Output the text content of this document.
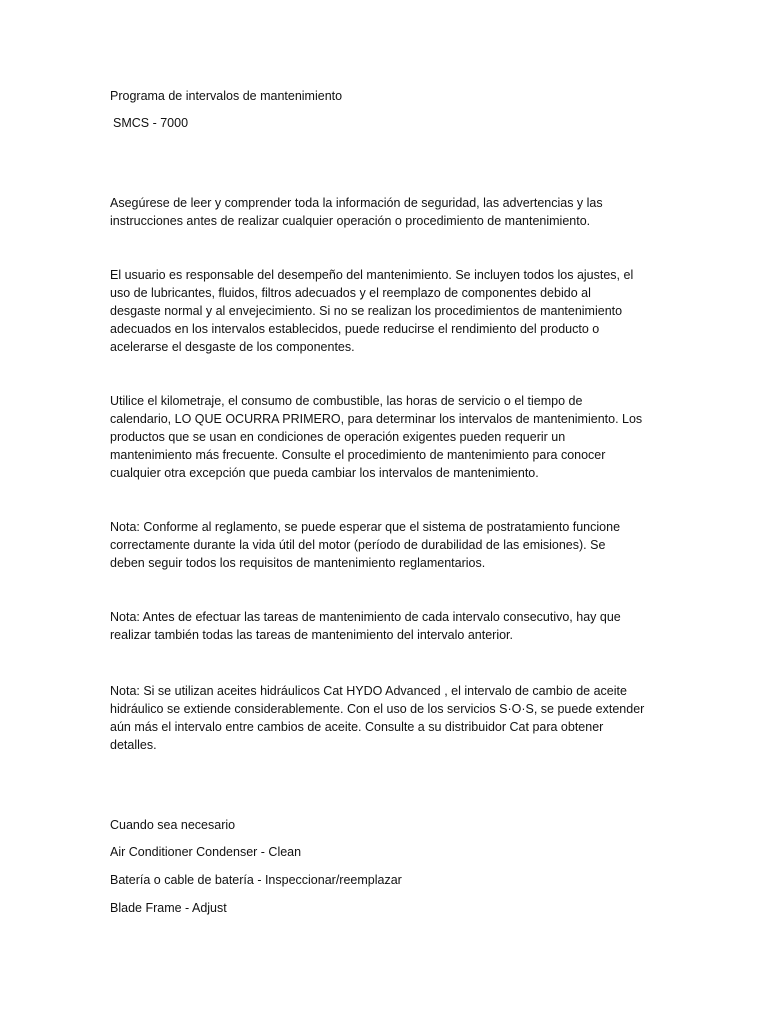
Programa de intervalos de mantenimiento

SMCS - 7000

Asegúrese de leer y comprender toda la información de seguridad, las advertencias y las
instrucciones antes de realizar cualquier operación o procedimiento de mantenimiento.
El usuario es responsable del desempeño del mantenimiento. Se incluyen todos los ajustes, el
uso de lubricantes, fluidos, filtros adecuados y el reemplazo de componentes debido al
desgaste normal y al envejecimiento. Si no se realizan los procedimientos de mantenimiento
adecuados en los intervalos establecidos, puede reducirse el rendimiento del producto o
acelerarse el desgaste de los componentes.
Utilice el kilometraje, el consumo de combustible, las horas de servicio o el tiempo de
calendario, LO QUE OCURRA PRIMERO, para determinar los intervalos de mantenimiento. Los
productos que se usan en condiciones de operación exigentes pueden requerir un
mantenimiento más frecuente. Consulte el procedimiento de mantenimiento para conocer
cualquier otra excepción que pueda cambiar los intervalos de mantenimiento.
Nota: Conforme al reglamento, se puede esperar que el sistema de postratamiento funcione
correctamente durante la vida útil del motor (período de durabilidad de las emisiones). Se
deben seguir todos los requisitos de mantenimiento reglamentarios.
Nota: Antes de efectuar las tareas de mantenimiento de cada intervalo consecutivo, hay que
realizar también todas las tareas de mantenimiento del intervalo anterior.
Nota: Si se utilizan aceites hidráulicos Cat HYDO Advanced , el intervalo de cambio de aceite
hidráulico se extiende considerablemente. Con el uso de los servicios S·O·S, se puede extender
aún más el intervalo entre cambios de aceite. Consulte a su distribuidor Cat para obtener
detalles.

Cuando sea necesario

Air Conditioner Condenser - Clean

Batería o cable de batería - Inspeccionar/reemplazar

Blade Frame - Adjust
